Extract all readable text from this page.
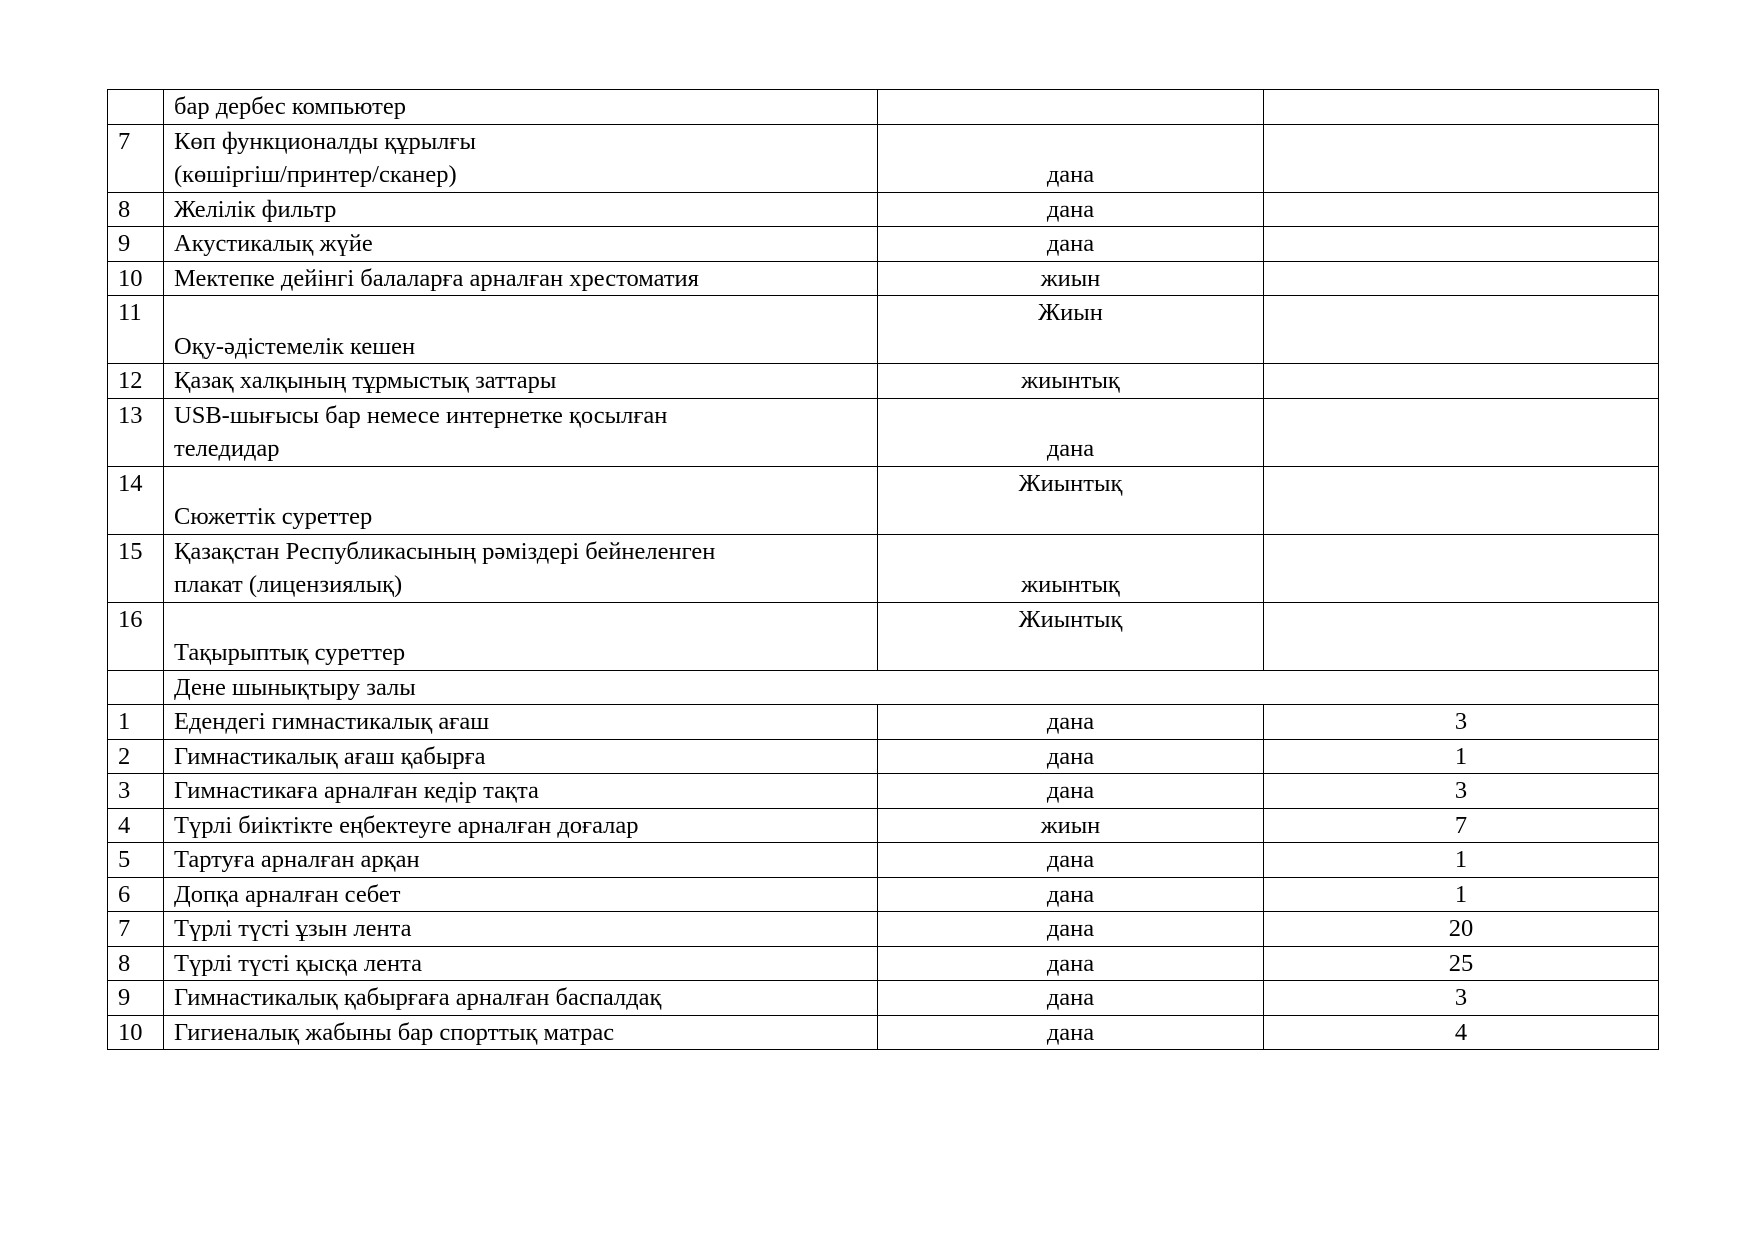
	бар дербес компьютер		

7	Көп функционалды құрылғы
(көшіргіш/принтер/сканер)	дана	
8	Желілік фильтр	дана	
9	Акустикалық жүйе	дана	
10	Мектепке дейінгі балаларға арналған хрестоматия	жиын	
11	Оқу-әдістемелік кешен	Жиын	
12	Қазақ халқының тұрмыстық заттары	жиынтық	
13	USB-шығысы бар немесе интернетке қосылған
теледидар	дана	
14	Сюжеттік суреттер	Жиынтық	
15	Қазақстан Республикасының рәміздері бейнеленген
плакат (лицензиялық)	жиынтық	
16	Тақырыптық суреттер	Жиынтық	
	Дене шынықтыру залы		
1	Едендегі гимнастикалық ағаш	дана	3
2	Гимнастикалық ағаш қабырға	дана	1
3	Гимнастикаға арналған кедір тақта	дана	3
4	Түрлі биіктікте еңбектеуге арналған доғалар	жиын	7
5	Тартуға арналған арқан	дана	1
6	Допқа арналған себет	дана	1
7	Түрлі түсті ұзын лента	дана	20
8	Түрлі түсті қысқа лента	дана	25
9	Гимнастикалық қабырғаға арналған баспалдақ	дана	3
10	Гигиеналық жабыны бар спорттық матрас	дана	4
